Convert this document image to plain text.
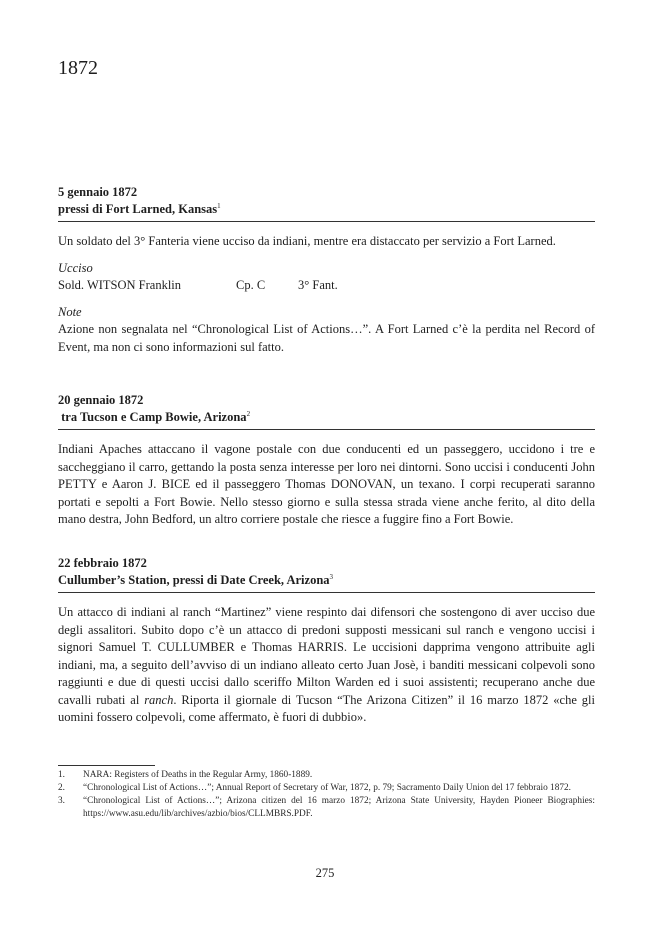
1872
5 gennaio 1872
pressi di Fort Larned, Kansas$^1$
Un soldato del 3° Fanteria viene ucciso da indiani, mentre era distaccato per servizio a Fort Larned.
Ucciso
Sold. WITSON Franklin	Cp. C	3° Fant.
Note
Azione non segnalata nel “Chronological List of Actions…”. A Fort Larned c’è la perdita nel Record of Event, ma non ci sono informazioni sul fatto.
20 gennaio 1872
tra Tucson e Camp Bowie, Arizona$^2$
Indiani Apaches attaccano il vagone postale con due conducenti ed un passeggero, uccidono i tre e saccheggiano il carro, gettando la posta senza interesse per loro nei dintorni. Sono uccisi i conducenti John PETTY e Aaron J. BICE ed il passeggero Thomas DONOVAN, un texano. I corpi recuperati saranno portati e sepolti a Fort Bowie. Nello stesso giorno e sulla stessa strada viene anche ferito, al dito della mano destra, John Bedford, un altro corriere postale che riesce a fuggire fino a Fort Bowie.
22 febbraio 1872
Cullumber’s Station, pressi di Date Creek, Arizona$^3$
Un attacco di indiani al ranch “Martinez” viene respinto dai difensori che sostengono di aver ucciso due degli assalitori. Subito dopo c’è un attacco di predoni supposti messicani sul ranch e vengono uccisi i signori Samuel T. CULLUMBER e Thomas HARRIS. Le uccisioni dapprima vengono attribuite agli indiani, ma, a seguito dell’avviso di un indiano alleato certo Juan Josè, i banditi messicani colpevoli sono raggiunti e due di questi uccisi dallo sceriffo Milton Warden ed i suoi assistenti; recuperano anche due cavalli rubati al ranch. Riporta il giornale di Tucson “The Arizona Citizen” il 16 marzo 1872 «che gli uomini fossero colpevoli, come affermato, è fuori di dubbio».
1.	NARA: Registers of Deaths in the Regular Army, 1860-1889.
2.	“Chronological List of Actions…”; Annual Report of Secretary of War, 1872, p. 79; Sacramento Daily Union del 17 febbraio 1872.
3.	“Chronological List of Actions…”; Arizona citizen del 16 marzo 1872; Arizona State University, Hayden Pioneer Biographies: https://www.asu.edu/lib/archives/azbio/bios/CLLMBRS.PDF.
275
